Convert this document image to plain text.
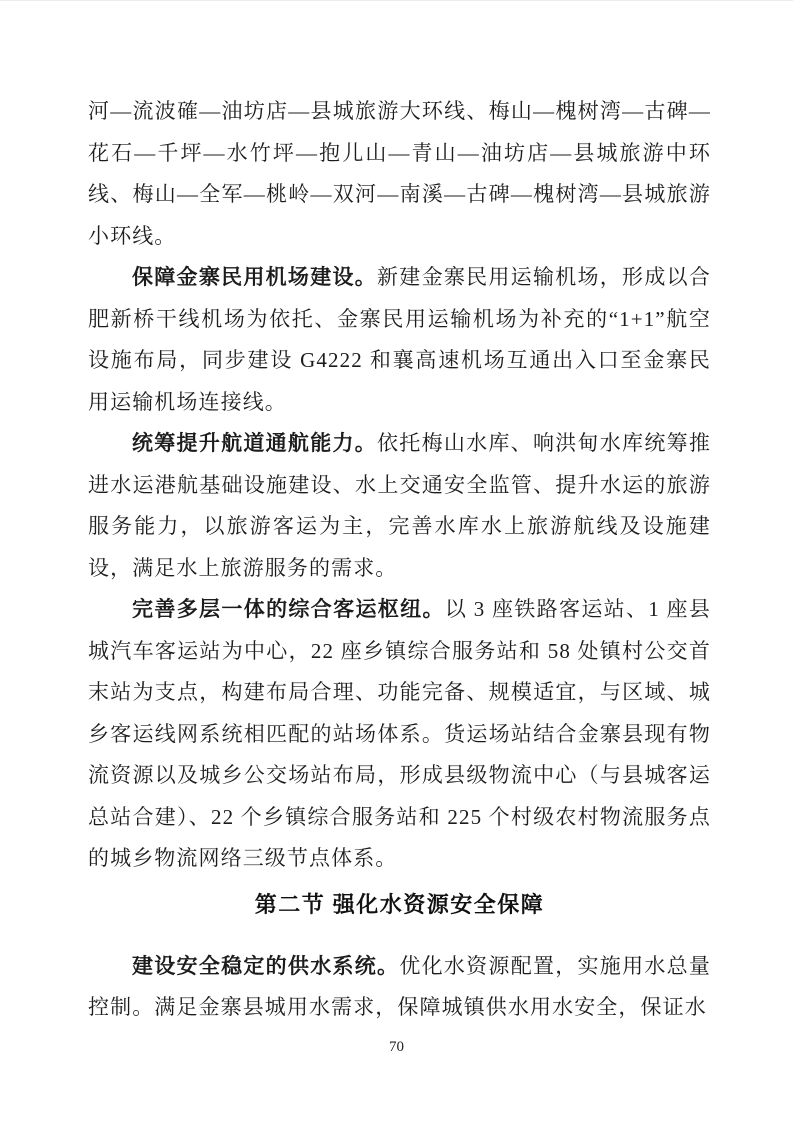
河—流波確—油坊店—县城旅游大环线、梅山—槐树湾—古碑—花石—千坪—水竹坪—抱儿山—青山—油坊店—县城旅游中环线、梅山—全军—桃岭—双河—南溪—古碑—槐树湾—县城旅游小环线。

保障金寨民用机场建设。新建金寨民用运输机场，形成以合肥新桥干线机场为依托、金寨民用运输机场为补充的“1+1”航空设施布局，同步建设 G4222 和襄高速机场互通出入口至金寨民用运输机场连接线。

统筹提升航道通航能力。依托梅山水库、响洪甸水库统筹推进水运港航基础设施建设、水上交通安全监管、提升水运的旅游服务能力，以旅游客运为主，完善水库水上旅游航线及设施建设，满足水上旅游服务的需求。

完善多层一体的综合客运枢纽。以 3 座铁路客运站、1 座县城汽车客运站为中心，22 座乡镇综合服务站和 58 处镇村公交首末站为支点，构建布局合理、功能完备、规模适宜，与区域、城乡客运线网系统相匹配的站场体系。货运场站结合金寨县现有物流资源以及城乡公交场站布局，形成县级物流中心（与县城客运总站合建）、22 个乡镇综合服务站和 225 个村级农村物流服务点的城乡物流网络三级节点体系。

第二节 强化水资源安全保障

建设安全稳定的供水系统。优化水资源配置，实施用水总量控制。满足金寨县城用水需求，保障城镇供水用水安全，保证水

70
